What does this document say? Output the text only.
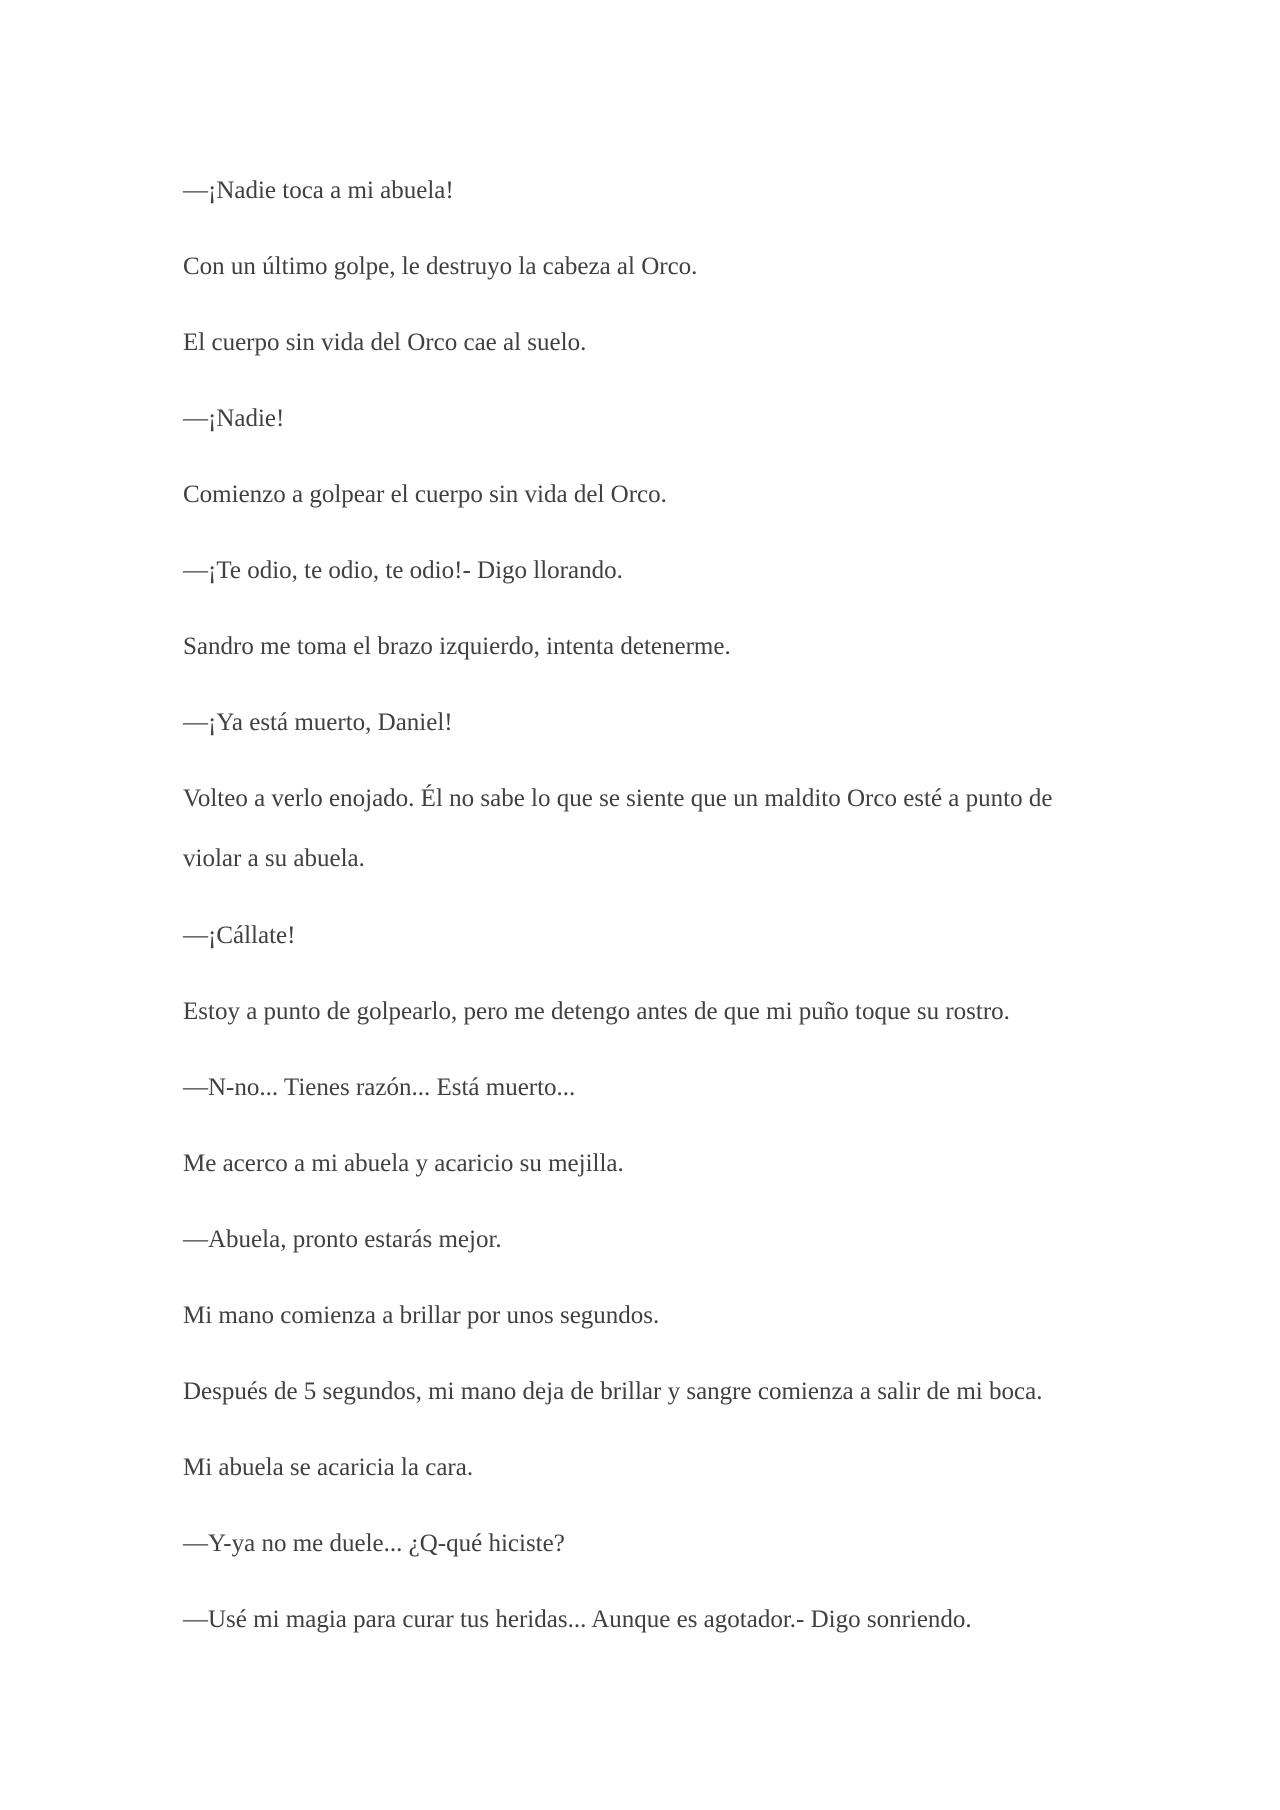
—¡Nadie toca a mi abuela!

Con un último golpe, le destruyo la cabeza al Orco.

El cuerpo sin vida del Orco cae al suelo.

—¡Nadie!

Comienzo a golpear el cuerpo sin vida del Orco.

—¡Te odio, te odio, te odio!- Digo llorando.

Sandro me toma el brazo izquierdo, intenta detenerme.

—¡Ya está muerto, Daniel!

Volteo a verlo enojado. Él no sabe lo que se siente que un maldito Orco esté a punto de violar a su abuela.

—¡Cállate!

Estoy a punto de golpearlo, pero me detengo antes de que mi puño toque su rostro.

—N-no... Tienes razón... Está muerto...

Me acerco a mi abuela y acaricio su mejilla.

—Abuela, pronto estarás mejor.

Mi mano comienza a brillar por unos segundos.

Después de 5 segundos, mi mano deja de brillar y sangre comienza a salir de mi boca.

Mi abuela se acaricia la cara.

—Y-ya no me duele... ¿Q-qué hiciste?

—Usé mi magia para curar tus heridas... Aunque es agotador.- Digo sonriendo.
